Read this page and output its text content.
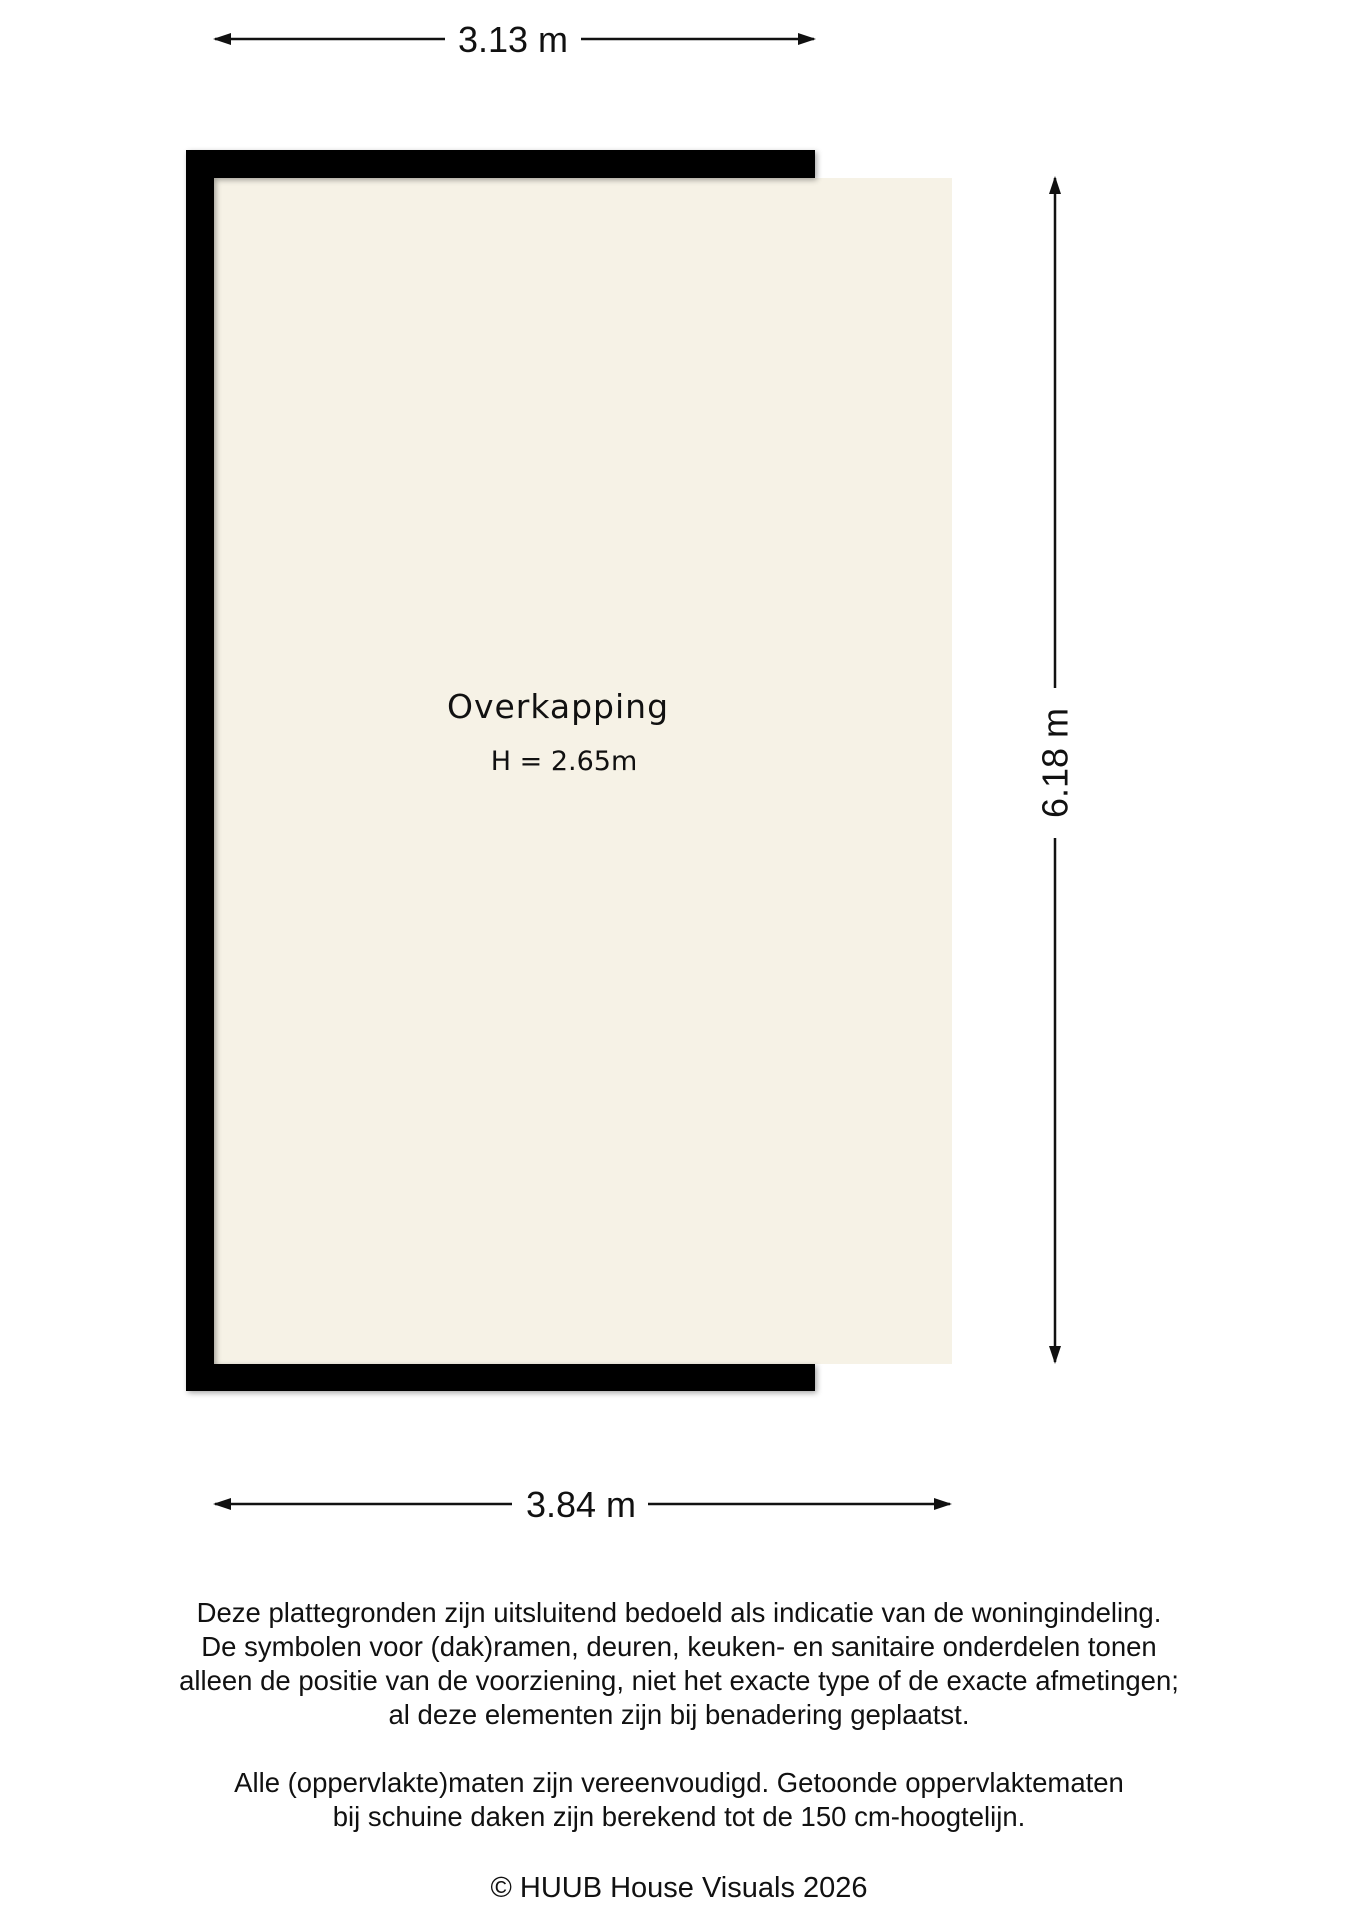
3.13 m
Overkapping
H = 2.65m	6.18 m
3.84 m

Deze plattegronden zijn uitsluitend bedoeld als indicatie van de woningindeling.

De symbolen voor (dak)ramen, deuren, keuken- en sanitaire onderdelen tonen

alleen de positie van de voorziening, niet het exacte type of de exacte afmetingen;

al deze elementen zijn bij benadering geplaatst.

Alle (oppervlakte)maten zijn vereenvoudigd. Getoonde oppervlaktematen

bij schuine daken zijn berekend tot de 150 cm-hoogtelijn.

© HUUB House Visuals 2026
